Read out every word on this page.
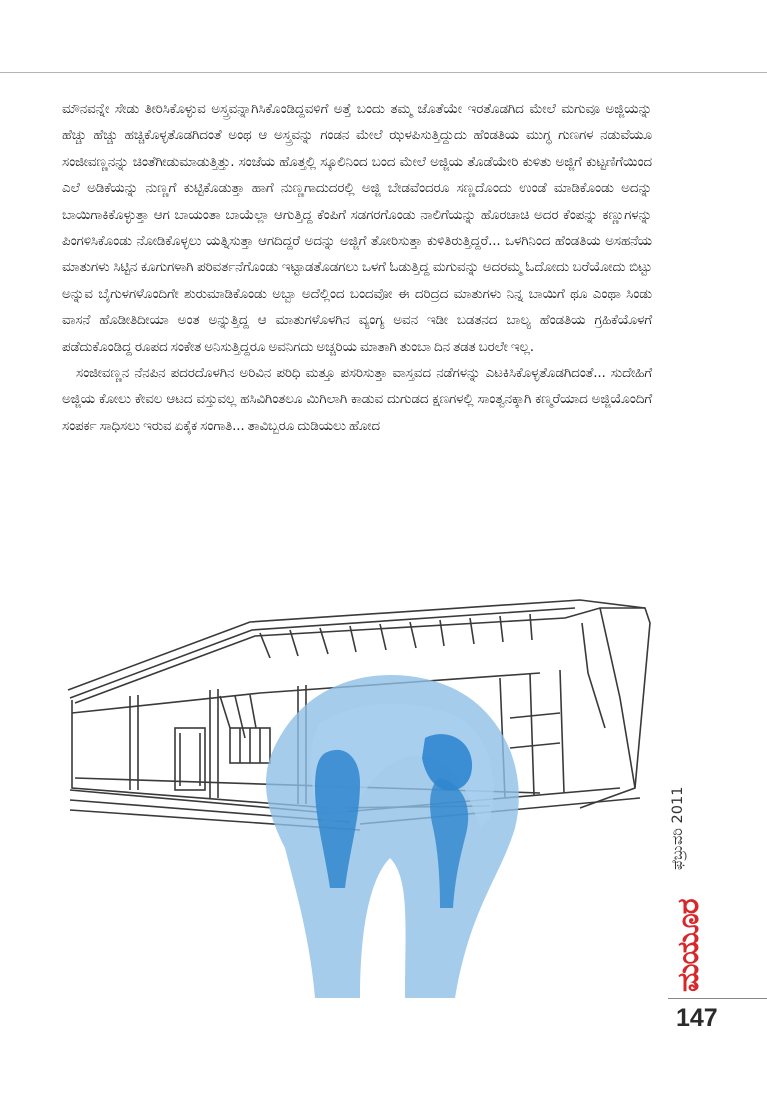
ಮೌನವನ್ನೇ ಸೇಡು ತೀರಿಸಿಕೊಳ್ಳುವ ಅಸ್ತ್ರವನ್ನಾಗಿಸಿಕೊಂಡಿದ್ದವಳಿಗೆ ಅತ್ತೆ ಬಂದು ತಮ್ಮ ಜೊತೆಯೇ ಇರತೊಡಗಿದ ಮೇಲೆ ಮಗುವೂ ಅಜ್ಜಿಯನ್ನು ಹೆಚ್ಚು ಹೆಚ್ಚು ಹಚ್ಚಿಕೊಳ್ಳತೊಡಗಿದಂತೆ ಅಂಥ ಆ ಅಸ್ತ್ರವನ್ನು ಗಂಡನ ಮೇಲೆ ಝಳಪಿಸುತ್ತಿದ್ದುದು ಹೆಂಡತಿಯ ಮುಗ್ಧ ಗುಣಗಳ ನಡುವೆಯೂ ಸಂಜೀವಣ್ಣನನ್ನು ಚಿಂತೆಗೀಡುಮಾಡುತ್ತಿತ್ತು. ಸಂಜೆಯ ಹೊತ್ತಲ್ಲಿ ಸ್ಕೂಲಿನಿಂದ ಬಂದ ಮೇಲೆ ಅಜ್ಜಿಯ ತೊಡೆಯೇರಿ ಕುಳಿತು ಅಜ್ಜಿಗೆ ಕುಟ್ಟಣಿಗೆಯಿಂದ ಎಲೆ ಅಡಿಕೆಯನ್ನು ನುಣ್ಣಗೆ ಕುಟ್ಟಿಕೊಡುತ್ತಾ ಹಾಗೆ ನುಣ್ಣಗಾದುದರಲ್ಲಿ ಅಜ್ಜಿ ಬೇಡವೆಂದರೂ ಸಣ್ಣದೊಂದು ಉಂಡೆ ಮಾಡಿಕೊಂಡು ಅದನ್ನು ಬಾಯಿಗಾಕಿಕೊಳ್ಳುತ್ತಾ ಆಗ ಬಾಯಂತಾ ಬಾಯೆಲ್ಲಾ ಆಗುತ್ತಿದ್ದ ಕೆಂಪಿಗೆ ಸಡಗರಗೊಂಡು ನಾಲಿಗೆಯನ್ನು ಹೊರಚಾಚಿ ಅದರ ಕೆಂಪನ್ನು ಕಣ್ಣುಗಳನ್ನು ಪಿಂಗಳಿಸಿಕೊಂಡು ನೋಡಿಕೊಳ್ಳಲು ಯತ್ನಿಸುತ್ತಾ ಆಗದಿದ್ದರೆ ಅದನ್ನು ಅಜ್ಜಿಗೆ ತೋರಿಸುತ್ತಾ ಕುಳಿತಿರುತ್ತಿದ್ದರೆ... ಒಳಗಿನಿಂದ ಹೆಂಡತಿಯ ಅಸಹನೆಯ ಮಾತುಗಳು ಸಿಟ್ಟಿನ ಕೂಗುಗಳಾಗಿ ಪರಿವರ್ತನೆಗೊಂಡು ಇಟ್ಟಾಡತೊಡಗಲು ಒಳಗೆ ಓಡುತ್ತಿದ್ದ ಮಗುವನ್ನು ಅದರಮ್ಮ ಓದೋದು ಬರೆಯೋದು ಬಿಟ್ಟು ಅನ್ನುವ ಬೈಗುಳಗಳೊಂದಿಗೇ ಶುರುಮಾಡಿಕೊಂಡು ಅಬ್ಬಾ ಅದೆಲ್ಲಿಂದ ಬಂದವೋ ಈ ದರಿದ್ರದ ಮಾತುಗಳು ನಿನ್ನ ಬಾಯಿಗೆ ಥೂ ಎಂಥಾ ಸಿಂಡು ವಾಸನೆ ಹೊಡೀತಿದೀಯಾ ಅಂತ ಅನ್ನುತ್ತಿದ್ದ ಆ ಮಾತುಗಳೊಳಗಿನ ವ್ಯಂಗ್ಯ ಅವನ ಇಡೀ ಬಡತನದ ಬಾಲ್ಯ ಹೆಂಡತಿಯ ಗ್ರಹಿಕೆಯೊಳಗೆ ಪಡೆದುಕೊಂಡಿದ್ದ ರೂಪದ ಸಂಕೇತ ಅನಿಸುತ್ತಿದ್ದರೂ ಅವನಿಗದು ಅಚ್ಚರಿಯ ಮಾತಾಗಿ ತುಂಬಾ ದಿನ ತಡತ ಬರಲೇ ಇಲ್ಲ.

ಸಂಜೀವಣ್ಣನ ನೆನಪಿನ ಪದರದೊಳಗಿನ ಅರಿವಿನ ಪರಿಧಿ ಮತ್ತೂ ಪಸರಿಸುತ್ತಾ ವಾಸ್ತವದ ನಡೆಗಳನ್ನು ಎಟಕಿಸಿಕೊಳ್ಳತೊಡಗಿದಂತೆ... ಸುದೇಹಿಗೆ ಅಜ್ಜಿಯ ಕೋಲು ಕೇವಲ ಆಟದ ವಸ್ತುವಲ್ಲ ಹಸಿವಿಗಿಂತಲೂ ಮಿಗಿಲಾಗಿ ಕಾಡುವ ದುಗುಡದ ಕ್ಷಣಗಳಲ್ಲಿ ಸಾಂತ್ವನಕ್ಕಾಗಿ ಕಣ್ಮರೆಯಾದ ಅಜ್ಜಿಯೊಂದಿಗೆ ಸಂಪರ್ಕ ಸಾಧಿಸಲು ಇರುವ ಏಕೈಕ ಸಂಗಾತಿ... ತಾವಿಬ್ಬರೂ ದುಡಿಯಲು ಹೋದ

ಫೆಬ್ರುವರಿ 2011
ಮಯೂರ
147
